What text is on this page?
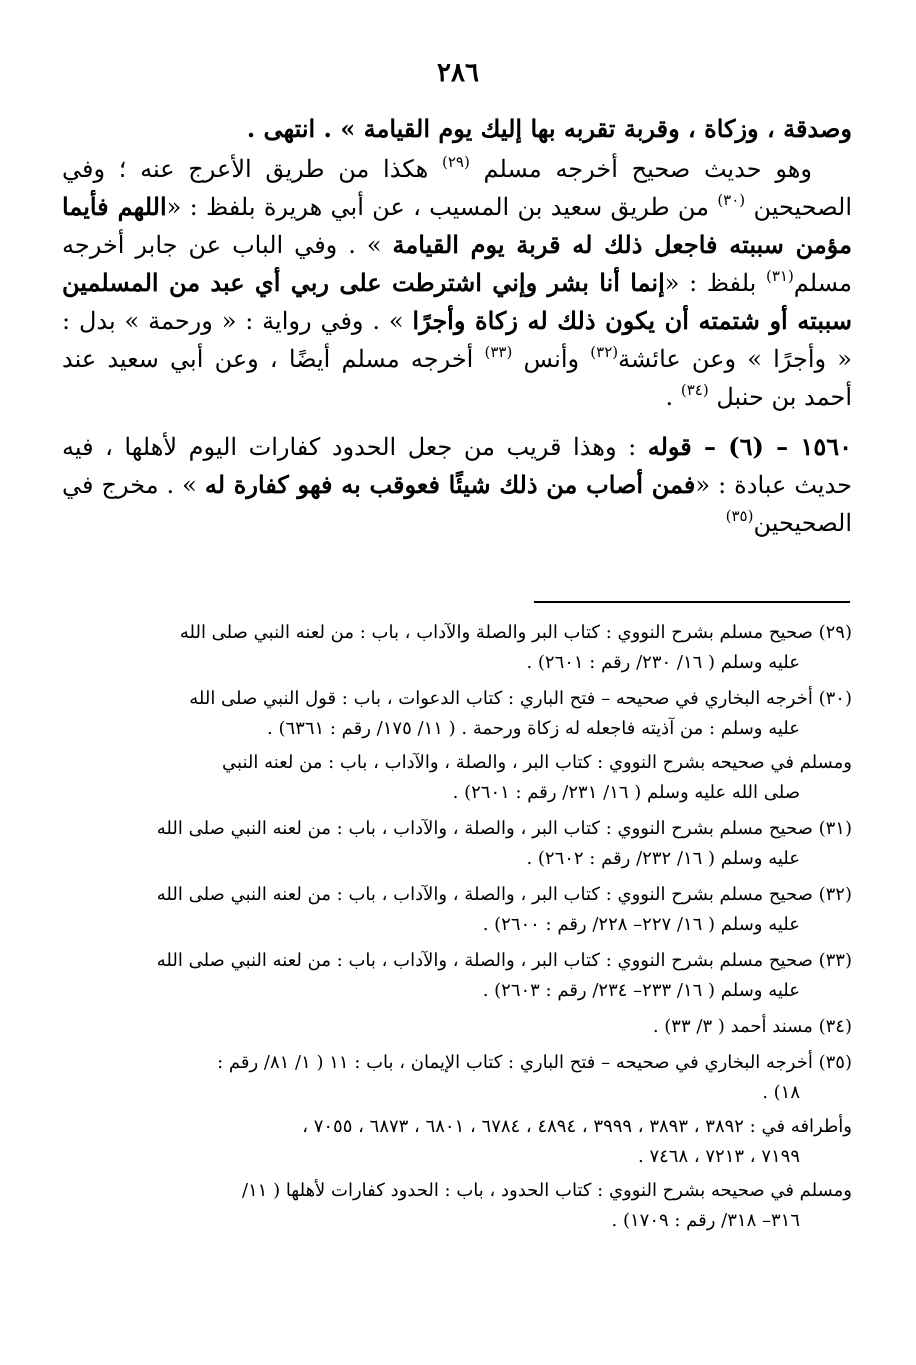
٢٨٦

وصدقة ، وزكاة ، وقربة تقربه بها إليك يوم القيامة » . انتهى .

وهو حديث صحيح أخرجه مسلم $^{(٢٩)}$ هكذا من طريق الأعرج عنه ؛ وفي الصحيحين $^{(٣٠)}$ من طريق سعيد بن المسيب ، عن أبي هريرة بلفظ : «اللهم فأيما مؤمن سببته فاجعل ذلك له قربة يوم القيامة » . وفي الباب عن جابر أخرجه مسلم$^{(٣١)}$ بلفظ : «إنما أنا بشر وإني اشترطت على ربي أي عبد من المسلمين سببته أو شتمته أن يكون ذلك له زكاة وأجرًا » . وفي رواية : « ورحمة » بدل : « وأجرًا » وعن عائشة$^{(٣٢)}$ وأنس $^{(٣٣)}$ أخرجه مسلم أيضًا ، وعن أبي سعيد عند أحمد بن حنبل $^{(٣٤)}$ .

١٥٦٠ – (٦) – قوله : وهذا قريب من جعل الحدود كفارات اليوم لأهلها ، فيه حديث عبادة : «فمن أصاب من ذلك شيئًا فعوقب به فهو كفارة له » . مخرج في الصحيحين$^{(٣٥)}$

(٢٩) صحيح مسلم بشرح النووي : كتاب البر والصلة والآداب ، باب : من لعنه النبي صلى الله
عليه وسلم ( ١٦/ ٢٣٠/ رقم : ٢٦٠١) .

(٣٠) أخرجه البخاري في صحيحه – فتح الباري : كتاب الدعوات ، باب : قول النبي صلى الله
عليه وسلم : من آذيته فاجعله له زكاة ورحمة . ( ١١/ ١٧٥/ رقم : ٦٣٦١) .

ومسلم في صحيحه بشرح النووي : كتاب البر ، والصلة ، والآداب ، باب : من لعنه النبي
صلى الله عليه وسلم ( ١٦/ ٢٣١/ رقم : ٢٦٠١) .

(٣١) صحيح مسلم بشرح النووي : كتاب البر ، والصلة ، والآداب ، باب : من لعنه النبي صلى الله
عليه وسلم ( ١٦/ ٢٣٢/ رقم : ٢٦٠٢) .

(٣٢) صحيح مسلم بشرح النووي : كتاب البر ، والصلة ، والآداب ، باب : من لعنه النبي صلى الله
عليه وسلم ( ١٦/ ٢٢٧– ٢٢٨/ رقم : ٢٦٠٠) .

(٣٣) صحيح مسلم بشرح النووي : كتاب البر ، والصلة ، والآداب ، باب : من لعنه النبي صلى الله
عليه وسلم ( ١٦/ ٢٣٣– ٢٣٤/ رقم : ٢٦٠٣) .

(٣٤) مسند أحمد ( ٣/ ٣٣) .

(٣٥) أخرجه البخاري في صحيحه – فتح الباري : كتاب الإيمان ، باب : ١١ ( ١/ ٨١/ رقم :
١٨) .

وأطرافه في : ٣٨٩٢ ، ٣٨٩٣ ، ٣٩٩٩ ، ٤٨٩٤ ، ٦٧٨٤ ، ٦٨٠١ ، ٦٨٧٣ ، ٧٠٥٥ ،
٧١٩٩ ، ٧٢١٣ ، ٧٤٦٨ .

ومسلم في صحيحه بشرح النووي : كتاب الحدود ، باب : الحدود كفارات لأهلها ( ١١/
٣١٦– ٣١٨/ رقم : ١٧٠٩) .
